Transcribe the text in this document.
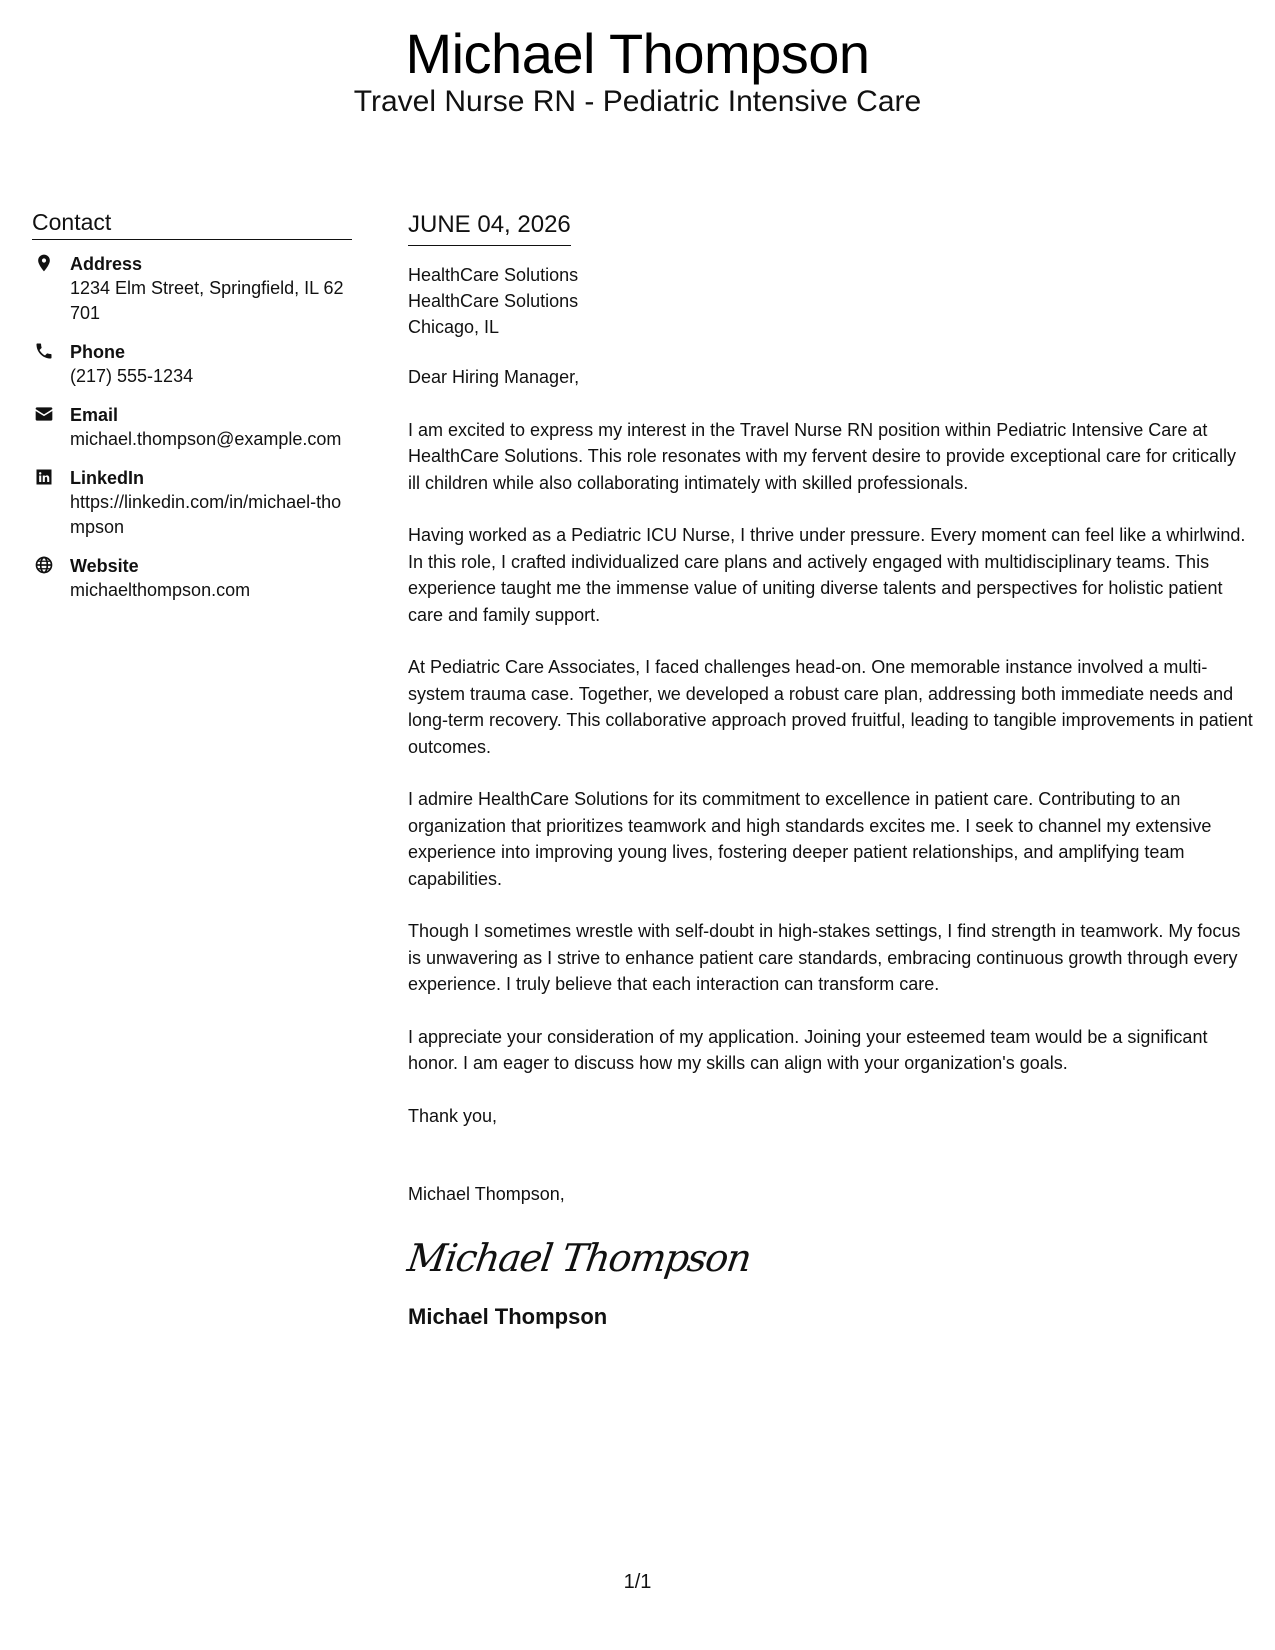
Michael Thompson
Travel Nurse RN - Pediatric Intensive Care
Contact
Address
1234 Elm Street, Springfield, IL 62701
Phone
(217) 555-1234
Email
michael.thompson@example.com
LinkedIn
https://linkedin.com/in/michael-thompson
Website
michaelthompson.com
JUNE 04, 2026
HealthCare Solutions
HealthCare Solutions
Chicago, IL

Dear Hiring Manager,

I am excited to express my interest in the Travel Nurse RN position within Pediatric Intensive Care at HealthCare Solutions. This role resonates with my fervent desire to provide exceptional care for critically ill children while also collaborating intimately with skilled professionals.

Having worked as a Pediatric ICU Nurse, I thrive under pressure. Every moment can feel like a whirlwind. In this role, I crafted individualized care plans and actively engaged with multidisciplinary teams. This experience taught me the immense value of uniting diverse talents and perspectives for holistic patient care and family support.

At Pediatric Care Associates, I faced challenges head-on. One memorable instance involved a multi-system trauma case. Together, we developed a robust care plan, addressing both immediate needs and long-term recovery. This collaborative approach proved fruitful, leading to tangible improvements in patient outcomes.

I admire HealthCare Solutions for its commitment to excellence in patient care. Contributing to an organization that prioritizes teamwork and high standards excites me. I seek to channel my extensive experience into improving young lives, fostering deeper patient relationships, and amplifying team capabilities.

Though I sometimes wrestle with self-doubt in high-stakes settings, I find strength in teamwork. My focus is unwavering as I strive to enhance patient care standards, embracing continuous growth through every experience. I truly believe that each interaction can transform care.

I appreciate your consideration of my application. Joining your esteemed team would be a significant honor. I am eager to discuss how my skills can align with your organization's goals.

Thank you,

Michael Thompson,
Michael Thompson
Michael Thompson
1/1
